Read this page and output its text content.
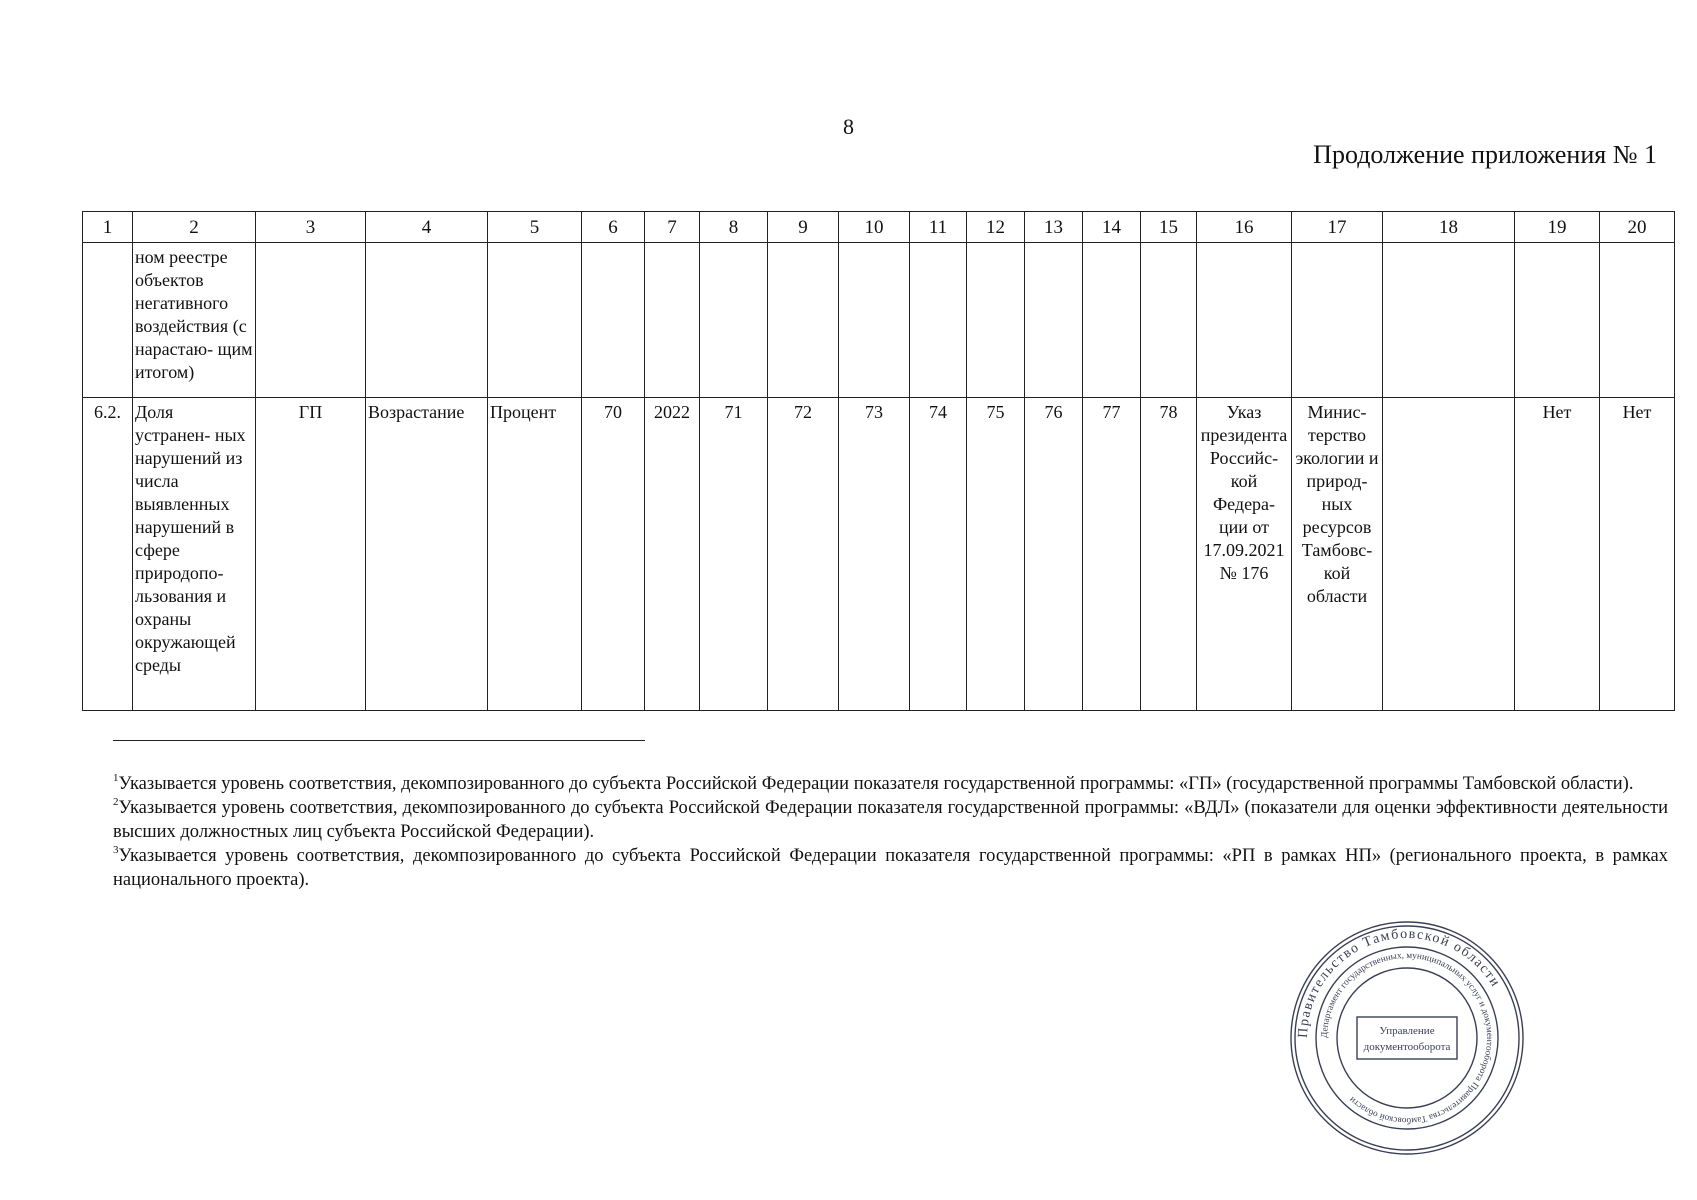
8
Продолжение приложения № 1
1	2	3	4	5	6	7	8	9	10	11	12	13	14	15	16	17	18	19	20
	ном реестре объектов негативного воздействия (с нарастаю- щим итогом)																		
6.2.	Доля устранен- ных нарушений из числа выявленных нарушений в сфере природопо- льзования и охраны окружающей среды	ГП	Возрастание	Процент	70	2022	71	72	73	74	75	76	77	78	Указ президента Российс- кой Федера- ции от 17.09.2021 № 176	Минис- терство экологии и природ- ных ресурсов Тамбовс- кой области		Нет	Нет

$^1$Указывается уровень соответствия, декомпозированного до субъекта Российской Федерации показателя государственной программы: «ГП» (государственной программы Тамбовской области).

$^2$Указывается уровень соответствия, декомпозированного до субъекта Российской Федерации показателя государственной программы: «ВДЛ» (показатели для оценки эффективности деятельности высших должностных лиц субъекта Российской Федерации).

$^3$Указывается уровень соответствия, декомпозированного до субъекта Российской Федерации показателя государственной программы: «РП в рамках НП» (регионального проекта, в рамках национального проекта).

Правительство Тамбовской области
Департамент государственных, муниципальных услуг и документооборота Правительства Тамбовской области
Управление
документооборота
